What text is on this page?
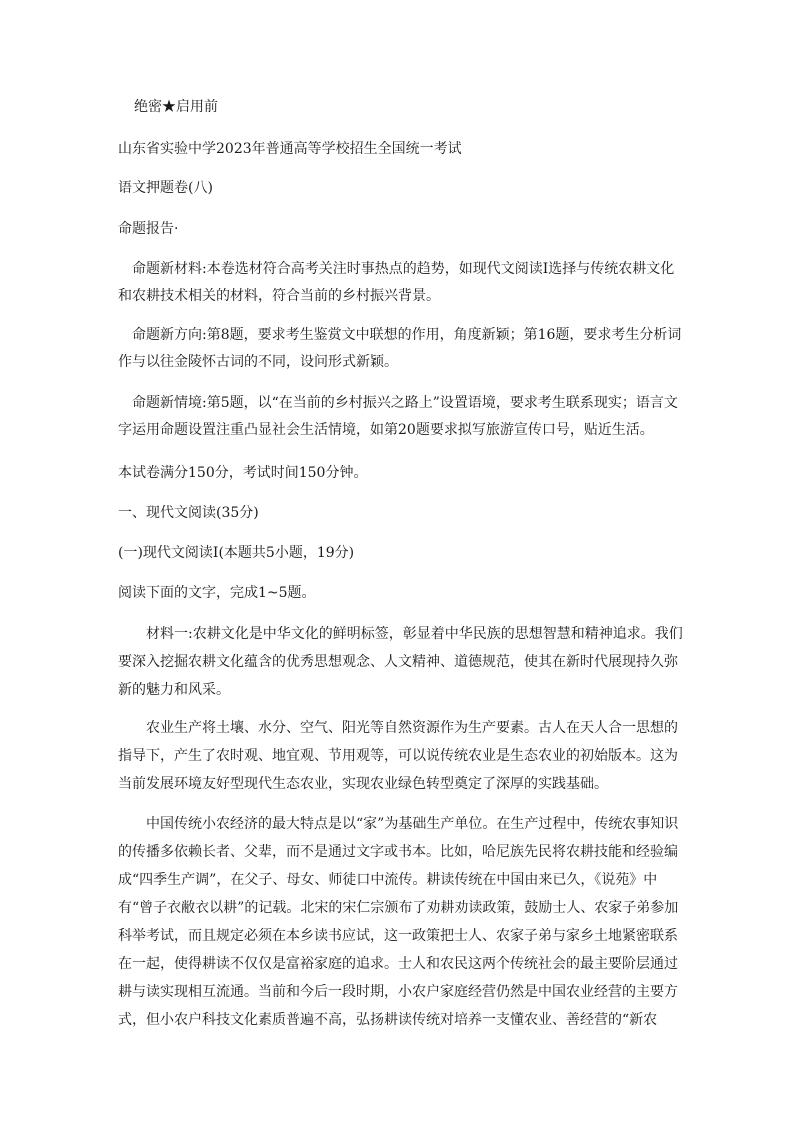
绝密★启用前
山东省实验中学2023年普通高等学校招生全国统一考试
语文押题卷(八)
命题报告·
命题新材料:本卷选材符合高考关注时事热点的趋势，如现代文阅读Ⅰ选择与传统农耕文化和农耕技术相关的材料，符合当前的乡村振兴背景。
命题新方向:第8题，要求考生鉴赏文中联想的作用，角度新颖；第16题，要求考生分析词作与以往金陵怀古词的不同，设问形式新颖。
命题新情境:第5题，以“在当前的乡村振兴之路上”设置语境，要求考生联系现实；语言文字运用命题设置注重凸显社会生活情境，如第20题要求拟写旅游宣传口号，贴近生活。
本试卷满分150分，考试时间150分钟。
一、现代文阅读(35分)
(一)现代文阅读Ⅰ(本题共5小题，19分)
阅读下面的文字，完成1~5题。
材料一:农耕文化是中华文化的鲜明标签，彰显着中华民族的思想智慧和精神追求。我们要深入挖掘农耕文化蕴含的优秀思想观念、人文精神、道德规范，使其在新时代展现持久弥新的魅力和风采。
农业生产将土壤、水分、空气、阳光等自然资源作为生产要素。古人在天人合一思想的指导下，产生了农时观、地宜观、节用观等，可以说传统农业是生态农业的初始版本。这为当前发展环境友好型现代生态农业，实现农业绿色转型奠定了深厚的实践基础。
中国传统小农经济的最大特点是以“家”为基础生产单位。在生产过程中，传统农事知识的传播多依赖长者、父辈，而不是通过文字或书本。比如，哈尼族先民将农耕技能和经验编成“四季生产调”，在父子、母女、师徒口中流传。耕读传统在中国由来已久，《说苑》中有“曾子衣敝衣以耕”的记载。北宋的宋仁宗颁布了劝耕劝读政策，鼓励士人、农家子弟参加科举考试，而且规定必须在本乡读书应试，这一政策把士人、农家子弟与家乡土地紧密联系在一起，使得耕读不仅仅是富裕家庭的追求。士人和农民这两个传统社会的最主要阶层通过耕与读实现相互流通。当前和今后一段时期，小农户家庭经营仍然是中国农业经营的主要方式，但小农户科技文化素质普遍不高，弘扬耕读传统对培养一支懂农业、善经营的“新农
